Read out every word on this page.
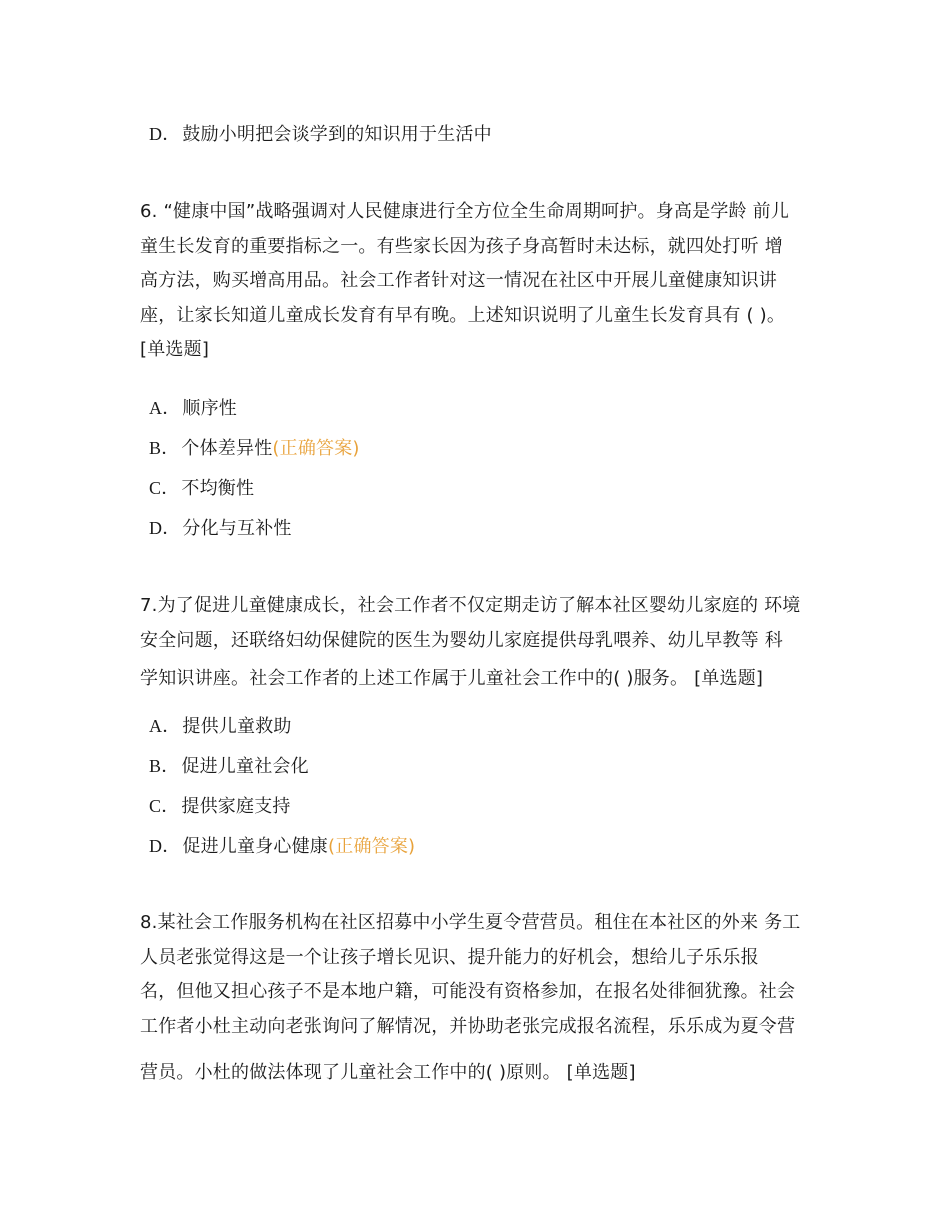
D． 鼓励小明把会谈学到的知识用于生活中
6. “健康中国”战略强调对人民健康进行全方位全生命周期呵护。身高是学龄 前儿
童生长发育的重要指标之一。有些家长因为孩子身高暂时未达标，就四处打听 增
高方法，购买增高用品。社会工作者针对这一情况在社区中开展儿童健康知识讲
座，让家长知道儿童成长发育有早有晚。上述知识说明了儿童生长发育具有 ( )。
[单选题]
A． 顺序性
B． 个体差异性(正确答案)
C． 不均衡性
D． 分化与互补性
7.为了促进儿童健康成长，社会工作者不仅定期走访了解本社区婴幼儿家庭的 环境
安全问题，还联络妇幼保健院的医生为婴幼儿家庭提供母乳喂养、幼儿早教等 科
学知识讲座。社会工作者的上述工作属于儿童社会工作中的( )服务。 [单选题]
A． 提供儿童救助
B． 促进儿童社会化
C． 提供家庭支持
D． 促进儿童身心健康(正确答案)
8.某社会工作服务机构在社区招募中小学生夏令营营员。租住在本社区的外来 务工
人员老张觉得这是一个让孩子增长见识、提升能力的好机会，想给儿子乐乐报
名，但他又担心孩子不是本地户籍，可能没有资格参加，在报名处徘徊犹豫。社会
工作者小杜主动向老张询问了解情况，并协助老张完成报名流程，乐乐成为夏令营
营员。小杜的做法体现了儿童社会工作中的( )原则。 [单选题]
